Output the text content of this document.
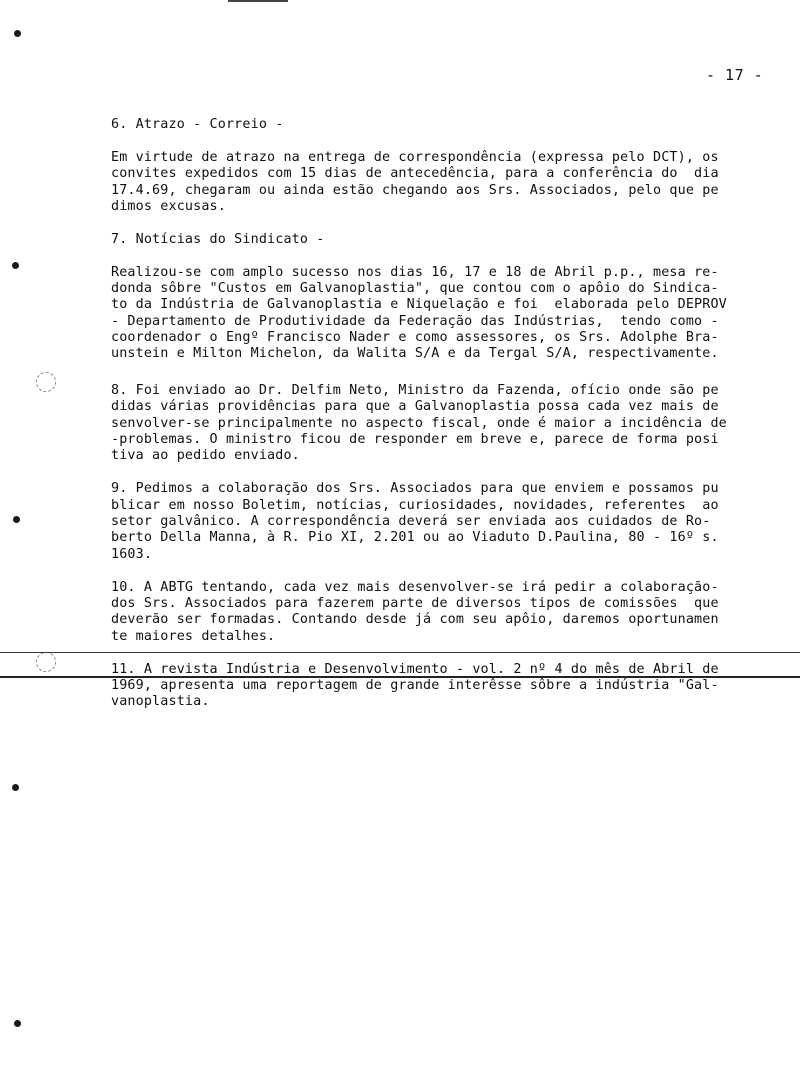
- 17 -
6. Atrazo - Correio -
Em virtude de atrazo na entrega de correspondência (expressa pelo DCT), os
convites expedidos com 15 dias de antecedência, para a conferência do  dia
17.4.69, chegaram ou ainda estão chegando aos Srs. Associados, pelo que pe
dimos excusas.
7. Notícias do Sindicato -
Realizou-se com amplo sucesso nos dias 16, 17 e 18 de Abril p.p., mesa re-
donda sôbre "Custos em Galvanoplastia", que contou com o apôio do Sindica-
to da Indústria de Galvanoplastia e Niquelação e foi  elaborada pelo DEPROV
- Departamento de Produtividade da Federação das Indústrias,  tendo como -
coordenador o Engº Francisco Nader e como assessores, os Srs. Adolphe Bra-
unstein e Milton Michelon, da Walita S/A e da Tergal S/A, respectivamente.
8. Foi enviado ao Dr. Delfim Neto, Ministro da Fazenda, ofício onde são pe
didas várias providências para que a Galvanoplastia possa cada vez mais de
senvolver-se principalmente no aspecto fiscal, onde é maior a incidência de
-problemas. O ministro ficou de responder em breve e, parece de forma posi
tiva ao pedido enviado.
9. Pedimos a colaboração dos Srs. Associados para que enviem e possamos pu
blicar em nosso Boletim, notícias, curiosidades, novidades, referentes  ao
setor galvânico. A correspondência deverá ser enviada aos cuidados de Ro-
berto Della Manna, à R. Pio XI, 2.201 ou ao Viaduto D.Paulina, 80 - 16º s.
1603.
10. A ABTG tentando, cada vez mais desenvolver-se irá pedir a colaboração-
dos Srs. Associados para fazerem parte de diversos tipos de comissões  que
deverão ser formadas. Contando desde já com seu apôio, daremos oportunamen
te maiores detalhes.
11. A revista Indústria e Desenvolvimento - vol. 2 nº 4 do mês de Abril de
1969, apresenta uma reportagem de grande interêsse sôbre a indústria "Gal-
vanoplastia.
